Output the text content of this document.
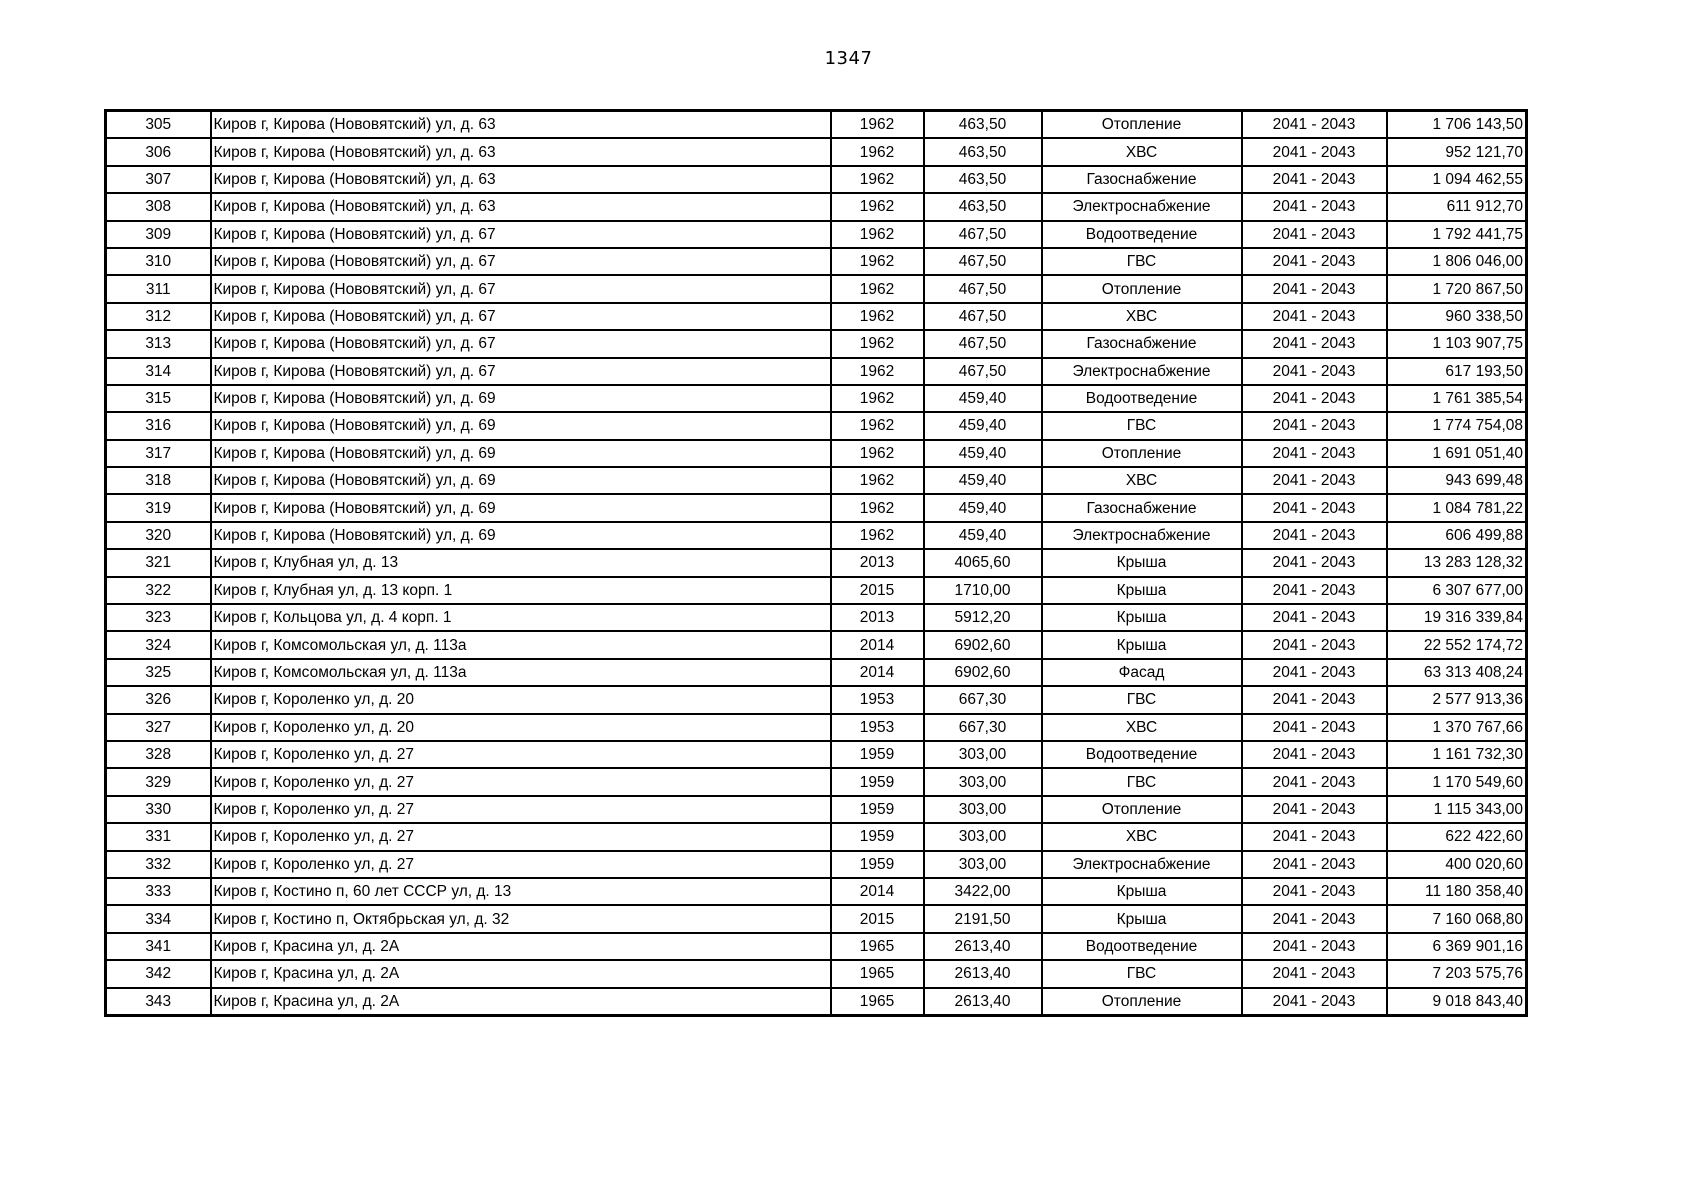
1347
305	Киров г, Кирова (Нововятский) ул, д. 63	1962	463,50	Отопление	2041 - 2043	1 706 143,50
306	Киров г, Кирова (Нововятский) ул, д. 63	1962	463,50	ХВС	2041 - 2043	952 121,70
307	Киров г, Кирова (Нововятский) ул, д. 63	1962	463,50	Газоснабжение	2041 - 2043	1 094 462,55
308	Киров г, Кирова (Нововятский) ул, д. 63	1962	463,50	Электроснабжение	2041 - 2043	611 912,70
309	Киров г, Кирова (Нововятский) ул, д. 67	1962	467,50	Водоотведение	2041 - 2043	1 792 441,75
310	Киров г, Кирова (Нововятский) ул, д. 67	1962	467,50	ГВС	2041 - 2043	1 806 046,00
311	Киров г, Кирова (Нововятский) ул, д. 67	1962	467,50	Отопление	2041 - 2043	1 720 867,50
312	Киров г, Кирова (Нововятский) ул, д. 67	1962	467,50	ХВС	2041 - 2043	960 338,50
313	Киров г, Кирова (Нововятский) ул, д. 67	1962	467,50	Газоснабжение	2041 - 2043	1 103 907,75
314	Киров г, Кирова (Нововятский) ул, д. 67	1962	467,50	Электроснабжение	2041 - 2043	617 193,50
315	Киров г, Кирова (Нововятский) ул, д. 69	1962	459,40	Водоотведение	2041 - 2043	1 761 385,54
316	Киров г, Кирова (Нововятский) ул, д. 69	1962	459,40	ГВС	2041 - 2043	1 774 754,08
317	Киров г, Кирова (Нововятский) ул, д. 69	1962	459,40	Отопление	2041 - 2043	1 691 051,40
318	Киров г, Кирова (Нововятский) ул, д. 69	1962	459,40	ХВС	2041 - 2043	943 699,48
319	Киров г, Кирова (Нововятский) ул, д. 69	1962	459,40	Газоснабжение	2041 - 2043	1 084 781,22
320	Киров г, Кирова (Нововятский) ул, д. 69	1962	459,40	Электроснабжение	2041 - 2043	606 499,88
321	Киров г, Клубная ул, д. 13	2013	4065,60	Крыша	2041 - 2043	13 283 128,32
322	Киров г, Клубная ул, д. 13 корп. 1	2015	1710,00	Крыша	2041 - 2043	6 307 677,00
323	Киров г, Кольцова ул, д. 4 корп. 1	2013	5912,20	Крыша	2041 - 2043	19 316 339,84
324	Киров г, Комсомольская ул, д. 113а	2014	6902,60	Крыша	2041 - 2043	22 552 174,72
325	Киров г, Комсомольская ул, д. 113а	2014	6902,60	Фасад	2041 - 2043	63 313 408,24
326	Киров г, Короленко ул, д. 20	1953	667,30	ГВС	2041 - 2043	2 577 913,36
327	Киров г, Короленко ул, д. 20	1953	667,30	ХВС	2041 - 2043	1 370 767,66
328	Киров г, Короленко ул, д. 27	1959	303,00	Водоотведение	2041 - 2043	1 161 732,30
329	Киров г, Короленко ул, д. 27	1959	303,00	ГВС	2041 - 2043	1 170 549,60
330	Киров г, Короленко ул, д. 27	1959	303,00	Отопление	2041 - 2043	1 115 343,00
331	Киров г, Короленко ул, д. 27	1959	303,00	ХВС	2041 - 2043	622 422,60
332	Киров г, Короленко ул, д. 27	1959	303,00	Электроснабжение	2041 - 2043	400 020,60
333	Киров г, Костино п, 60 лет СССР ул, д. 13	2014	3422,00	Крыша	2041 - 2043	11 180 358,40
334	Киров г, Костино п, Октябрьская ул, д. 32	2015	2191,50	Крыша	2041 - 2043	7 160 068,80
341	Киров г, Красина ул, д. 2А	1965	2613,40	Водоотведение	2041 - 2043	6 369 901,16
342	Киров г, Красина ул, д. 2А	1965	2613,40	ГВС	2041 - 2043	7 203 575,76
343	Киров г, Красина ул, д. 2А	1965	2613,40	Отопление	2041 - 2043	9 018 843,40
